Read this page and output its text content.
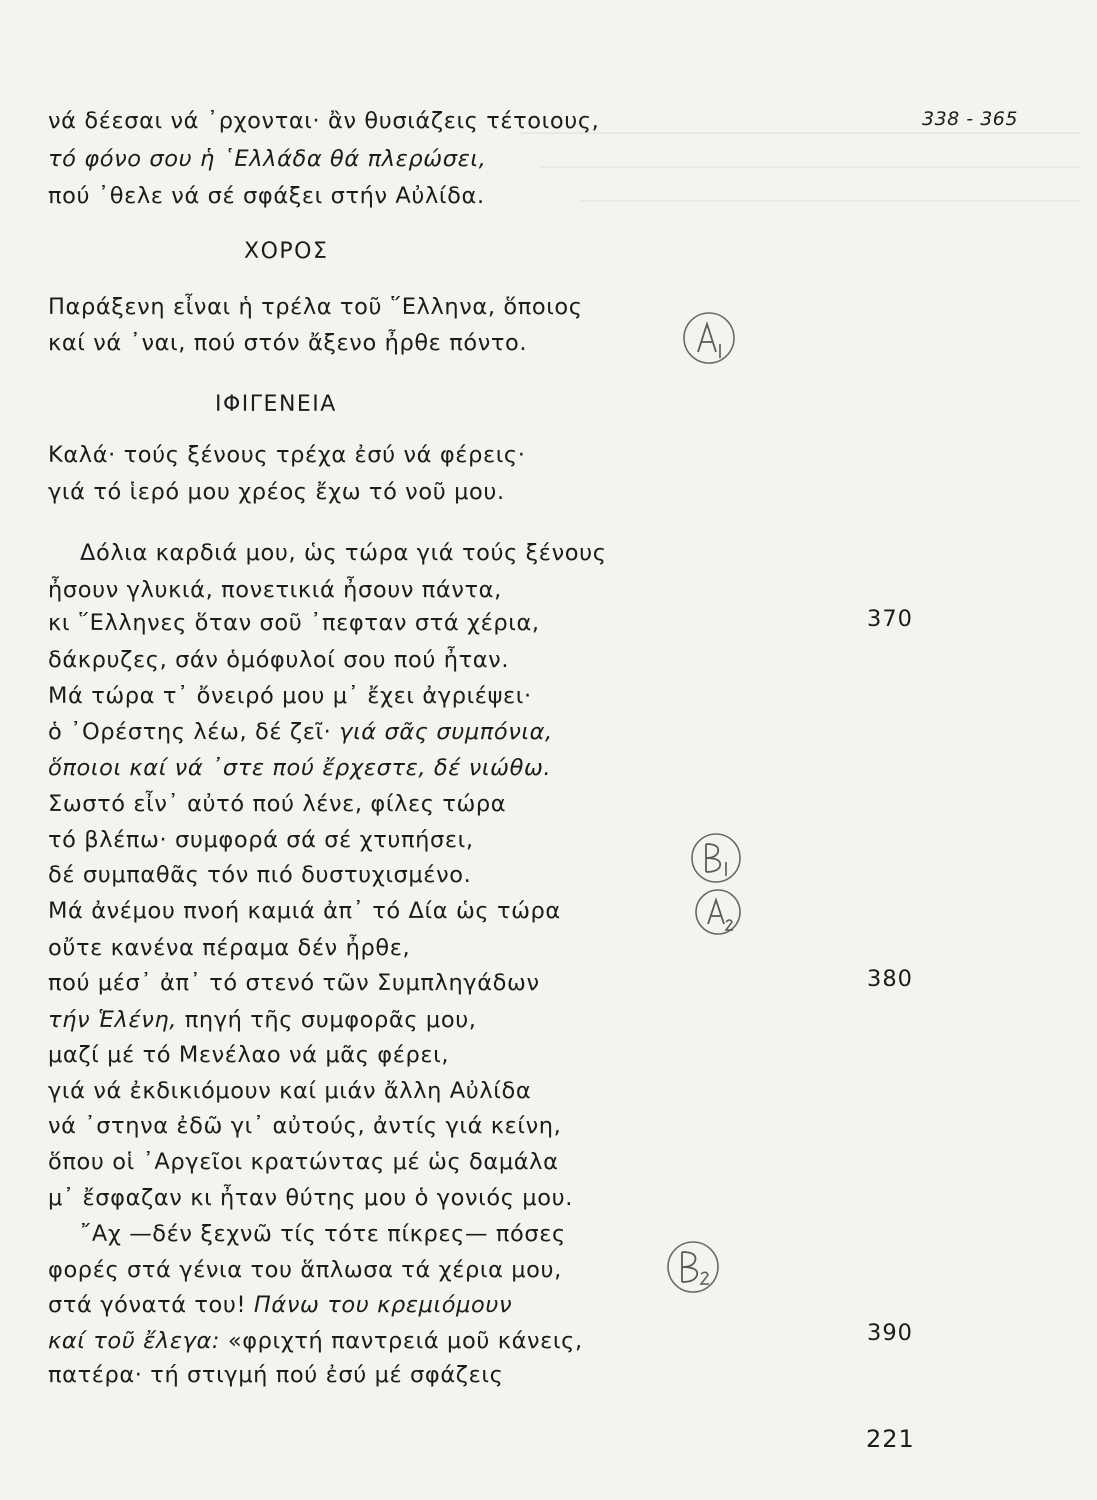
338 - 365
νά δέεσαι νά ᾿ρχονται· ἂν θυσιάζεις τέτοιους,
τό φόνο σου ἡ ῾Ελλάδα θά πλερώσει,
πού ᾿θελε νά σέ σφάξει στήν Αὐλίδα.
ΧΟΡΟΣ
Παράξενη εἶναι ἡ τρέλα τοῦ ῞Ελληνα, ὅποιος
καί νά ᾿ναι, πού στόν ἄξενο ἦρθε πόντο.
ΙΦΙΓΕΝΕΙΑ
Καλά· τούς ξένους τρέχα ἐσύ νά φέρεις·
γιά τό ἱερό μου χρέος ἔχω τό νοῦ μου.
Δόλια καρδιά μου, ὡς τώρα γιά τούς ξένους
ἦσουν γλυκιά, πονετικιά ἦσουν πάντα,
κι ῞Ελληνες ὅταν σοῦ ᾿πεφταν στά χέρια,	370
δάκρυζες, σάν ὁμόφυλοί σου πού ἦταν.
Μά τώρα τ᾿ ὄνειρό μου μ᾿ ἔχει ἀγριέψει·
ὁ ᾿Ορέστης λέω, δέ ζεῖ· γιά σᾶς συμπόνια,
ὅποιοι καί νά ᾿στε πού ἔρχεστε, δέ νιώθω.
Σωστό εἶν᾿ αὐτό πού λένε, φίλες τώρα
τό βλέπω· συμφορά σά σέ χτυπήσει,
δέ συμπαθᾶς τόν πιό δυστυχισμένο.
Μά ἀνέμου πνοή καμιά ἀπ᾿ τό Δία ὡς τώρα
οὔτε κανένα πέραμα δέν ἦρθε,
πού μέσ᾿ ἀπ᾿ τό στενό τῶν Συμπληγάδων	380
τήν Ἑλένη, πηγή τῆς συμφορᾶς μου,
μαζί μέ τό Μενέλαο νά μᾶς φέρει,
γιά νά ἐκδικιόμουν καί μιάν ἄλλη Αὐλίδα
νά ᾿στηνα ἐδῶ γι᾿ αὐτούς, ἀντίς γιά κείνη,
ὅπου οἱ ᾿Αργεῖοι κρατώντας μέ ὡς δαμάλα
μ᾿ ἔσφαζαν κι ἦταν θύτης μου ὁ γονιός μου.
῎Αχ —δέν ξεχνῶ τίς τότε πίκρες— πόσες
φορές στά γένια του ἅπλωσα τά χέρια μου,
στά γόνατά του! Πάνω του κρεμιόμουν
καί τοῦ ἔλεγα: «φριχτή παντρειά μοῦ κάνεις,	390
πατέρα· τή στιγμή πού ἐσύ μέ σφάζεις
221
